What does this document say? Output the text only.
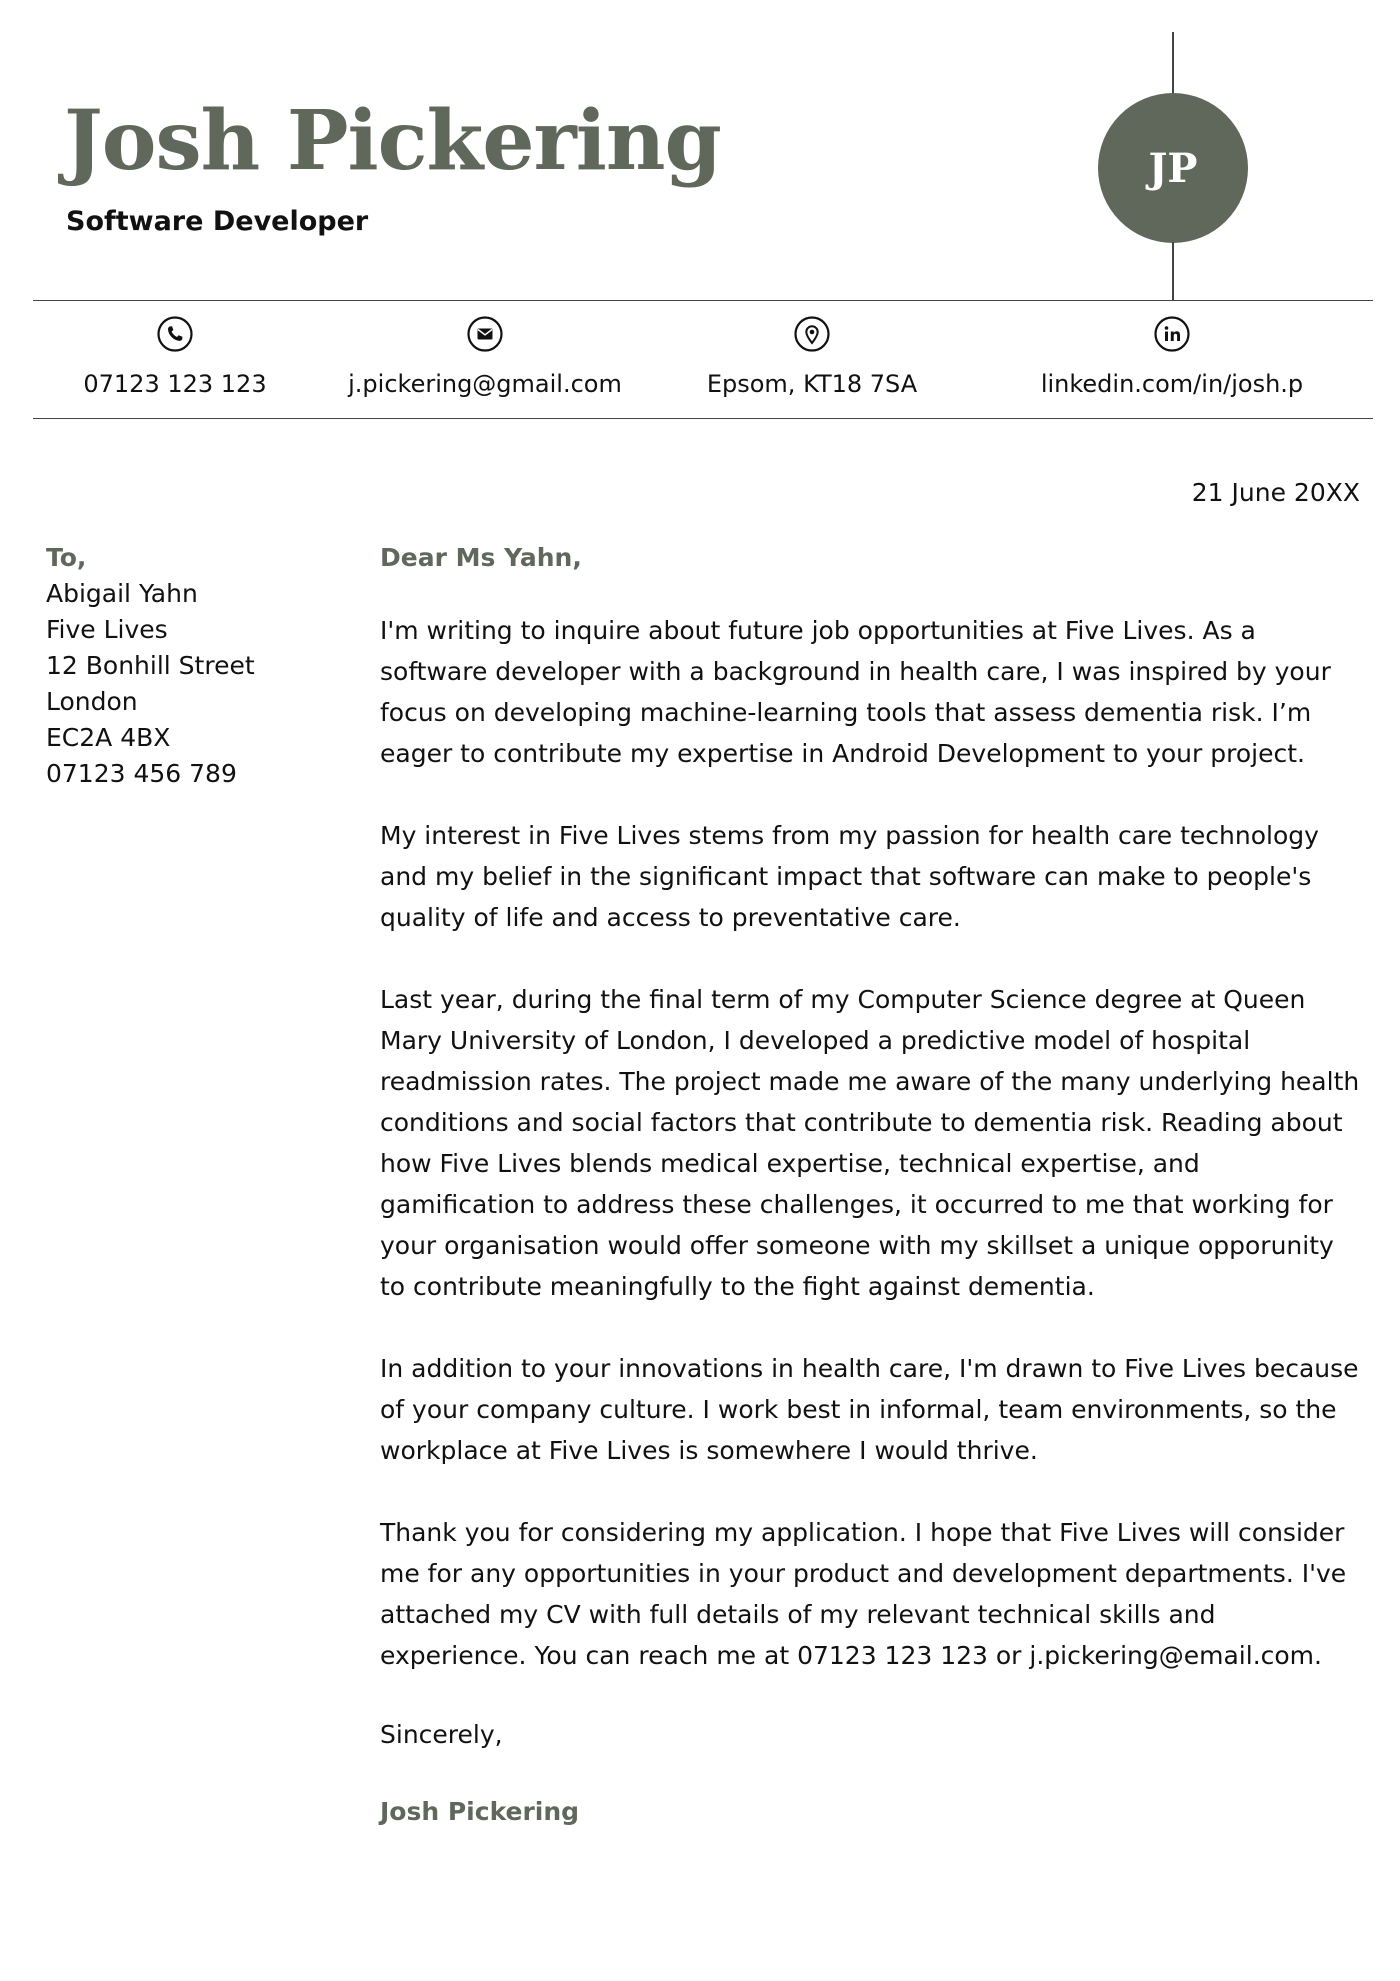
Josh Pickering
Software Developer
JP
07123 123 123	j.pickering@gmail.com	Epsom, KT18 7SA	linkedin.com/in/josh.p
21 June 20XX
To,
Abigail Yahn
Five Lives
12 Bonhill Street
London
EC2A 4BX
07123 456 789
Dear Ms Yahn,

I'm writing to inquire about future job opportunities at Five Lives. As a software developer with a background in health care, I was inspired by your focus on developing machine-learning tools that assess dementia risk. I’m eager to contribute my expertise in Android Development to your project.

My interest in Five Lives stems from my passion for health care technology and my belief in the significant impact that software can make to people's quality of life and access to preventative care.

Last year, during the final term of my Computer Science degree at Queen Mary University of London, I developed a predictive model of hospital readmission rates. The project made me aware of the many underlying health conditions and social factors that contribute to dementia risk. Reading about how Five Lives blends medical expertise, technical expertise, and gamification to address these challenges, it occurred to me that working for your organisation would offer someone with my skillset a unique opporunity to contribute meaningfully to the fight against dementia.

In addition to your innovations in health care, I'm drawn to Five Lives because of your company culture. I work best in informal, team environments, so the workplace at Five Lives is somewhere I would thrive.

Thank you for considering my application. I hope that Five Lives will consider me for any opportunities in your product and development departments. I've attached my CV with full details of my relevant technical skills and experience. You can reach me at 07123 123 123 or j.pickering@email.com.

Sincerely,
Josh Pickering
